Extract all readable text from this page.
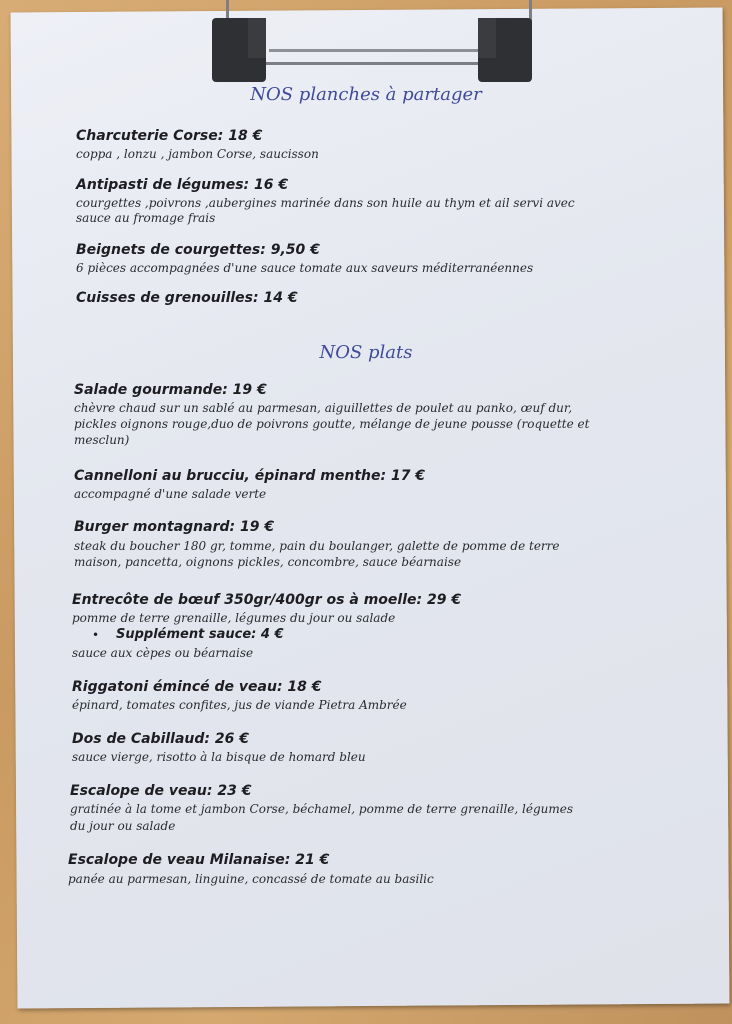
NOS planches à partager
Charcuterie Corse: 18 €
coppa , lonzu , jambon Corse, saucisson
Antipasti de légumes: 16 €
courgettes ,poivrons ,aubergines marinée dans son huile au thym et ail servi avec
sauce au fromage frais
Beignets de courgettes: 9,50 €
6 pièces accompagnées d'une sauce tomate aux saveurs méditerranéennes
Cuisses de grenouilles: 14 €
NOS plats
Salade gourmande: 19 €
chèvre chaud sur un sablé au parmesan, aiguillettes de poulet au panko, œuf dur,
pickles oignons rouge,duo de poivrons goutte, mélange de jeune pousse (roquette et
mesclun)
Cannelloni au brucciu, épinard menthe: 17 €
accompagné d'une salade verte
Burger montagnard: 19 €
steak du boucher 180 gr, tomme, pain du boulanger, galette de pomme de terre
maison, pancetta, oignons pickles, concombre, sauce béarnaise
Entrecôte de bœuf 350gr/400gr os à moelle: 29 €
pomme de terre grenaille, légumes du jour ou salade
• Supplément sauce: 4 €
sauce aux cèpes ou béarnaise
Riggatoni émincé de veau: 18 €
épinard, tomates confites, jus de viande Pietra Ambrée
Dos de Cabillaud: 26 €
sauce vierge, risotto à la bisque de homard bleu
Escalope de veau: 23 €
gratinée à la tome et jambon Corse, béchamel, pomme de terre grenaille, légumes
du jour ou salade
Escalope de veau Milanaise: 21 €
panée au parmesan, linguine, concassé de tomate au basilic
